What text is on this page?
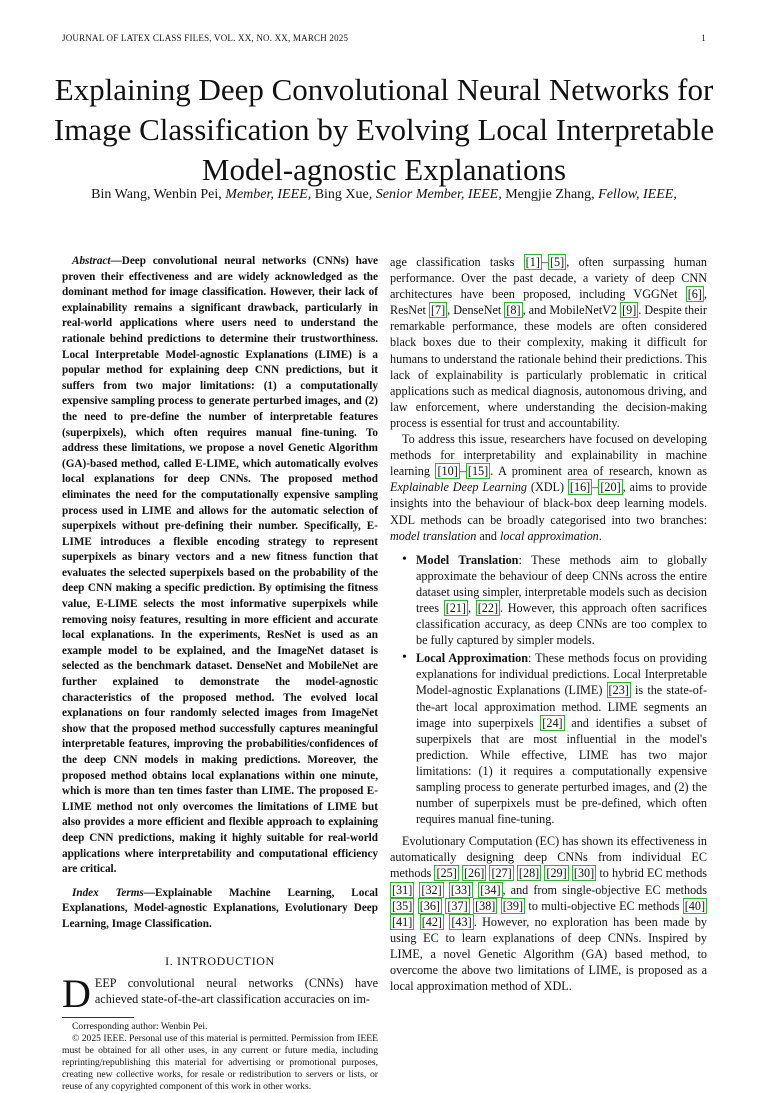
JOURNAL OF LATEX CLASS FILES, VOL. XX, NO. XX, MARCH 2025	1
Explaining Deep Convolutional Neural Networks for Image Classification by Evolving Local Interpretable Model-agnostic Explanations
Bin Wang, Wenbin Pei, Member, IEEE, Bing Xue, Senior Member, IEEE, Mengjie Zhang, Fellow, IEEE,

Abstract—Deep convolutional neural networks (CNNs) have proven their effectiveness and are widely acknowledged as the dominant method for image classification. However, their lack of explainability remains a significant drawback, particularly in real-world applications where users need to understand the rationale behind predictions to determine their trustworthiness. Local Interpretable Model-agnostic Explanations (LIME) is a popular method for explaining deep CNN predictions, but it suffers from two major limitations: (1) a computationally expensive sampling process to generate perturbed images, and (2) the need to pre-define the number of interpretable features (superpixels), which often requires manual fine-tuning. To address these limitations, we propose a novel Genetic Algorithm (GA)-based method, called E-LIME, which automatically evolves local explanations for deep CNNs. The proposed method eliminates the need for the computationally expensive sampling process used in LIME and allows for the automatic selection of superpixels without pre-defining their number. Specifically, E-LIME introduces a flexible encoding strategy to represent superpixels as binary vectors and a new fitness function that evaluates the selected superpixels based on the probability of the deep CNN making a specific prediction. By optimising the fitness value, E-LIME selects the most informative superpixels while removing noisy features, resulting in more efficient and accurate local explanations. In the experiments, ResNet is used as an example model to be explained, and the ImageNet dataset is selected as the benchmark dataset. DenseNet and MobileNet are further explained to demonstrate the model-agnostic characteristics of the proposed method. The evolved local explanations on four randomly selected images from ImageNet show that the proposed method successfully captures meaningful interpretable features, improving the probabilities/confidences of the deep CNN models in making predictions. Moreover, the proposed method obtains local explanations within one minute, which is more than ten times faster than LIME. The proposed E-LIME method not only overcomes the limitations of LIME but also provides a more efficient and flexible approach to explaining deep CNN predictions, making it highly suitable for real-world applications where interpretability and computational efficiency are critical.

Index Terms—Explainable Machine Learning, Local Explanations, Model-agnostic Explanations, Evolutionary Deep Learning, Image Classification.

I. INTRODUCTION

DEEP convolutional neural networks (CNNs) have achieved state-of-the-art classification accuracies on im-

Corresponding author: Wenbin Pei.

© 2025 IEEE. Personal use of this material is permitted. Permission from IEEE must be obtained for all other uses, in any current or future media, including reprinting/republishing this material for advertising or promotional purposes, creating new collective works, for resale or redistribution to servers or lists, or reuse of any copyrighted component of this work in other works.

age classification tasks [1] – [5] , often surpassing human performance. Over the past decade, a variety of deep CNN architectures have been proposed, including VGGNet [6] , ResNet [7] , DenseNet [8] , and MobileNetV2 [9] . Despite their remarkable performance, these models are often considered black boxes due to their complexity, making it difficult for humans to understand the rationale behind their predictions. This lack of explainability is particularly problematic in critical applications such as medical diagnosis, autonomous driving, and law enforcement, where understanding the decision-making process is essential for trust and accountability.

To address this issue, researchers have focused on developing methods for interpretability and explainability in machine learning [10] – [15] . A prominent area of research, known as Explainable Deep Learning (XDL) [16] – [20] , aims to provide insights into the behaviour of black-box deep learning models. XDL methods can be broadly categorised into two branches: model translation and local approximation.

• Model Translation: These methods aim to globally approximate the behaviour of deep CNNs across the entire dataset using simpler, interpretable models such as decision trees [21] , [22] . However, this approach often sacrifices classification accuracy, as deep CNNs are too complex to be fully captured by simpler models.
• Local Approximation: These methods focus on providing explanations for individual predictions. Local Interpretable Model-agnostic Explanations (LIME) [23] is the state-of-the-art local approximation method. LIME segments an image into superpixels [24] and identifies a subset of superpixels that are most influential in the model's prediction. While effective, LIME has two major limitations: (1) it requires a computationally expensive sampling process to generate perturbed images, and (2) the number of superpixels must be pre-defined, which often requires manual fine-tuning.

Evolutionary Computation (EC) has shown its effectiveness in automatically designing deep CNNs from individual EC methods [25] [26] [27] [28] [29] [30] to hybrid EC methods [31] [32] [33] [34] , and from single-objective EC methods [35] [36] [37] [38] [39] to multi-objective EC methods [40] [41] [42] [43] . However, no exploration has been made by using EC to learn explanations of deep CNNs. Inspired by LIME, a novel Genetic Algorithm (GA) based method, to overcome the above two limitations of LIME, is proposed as a local approximation method of XDL.
